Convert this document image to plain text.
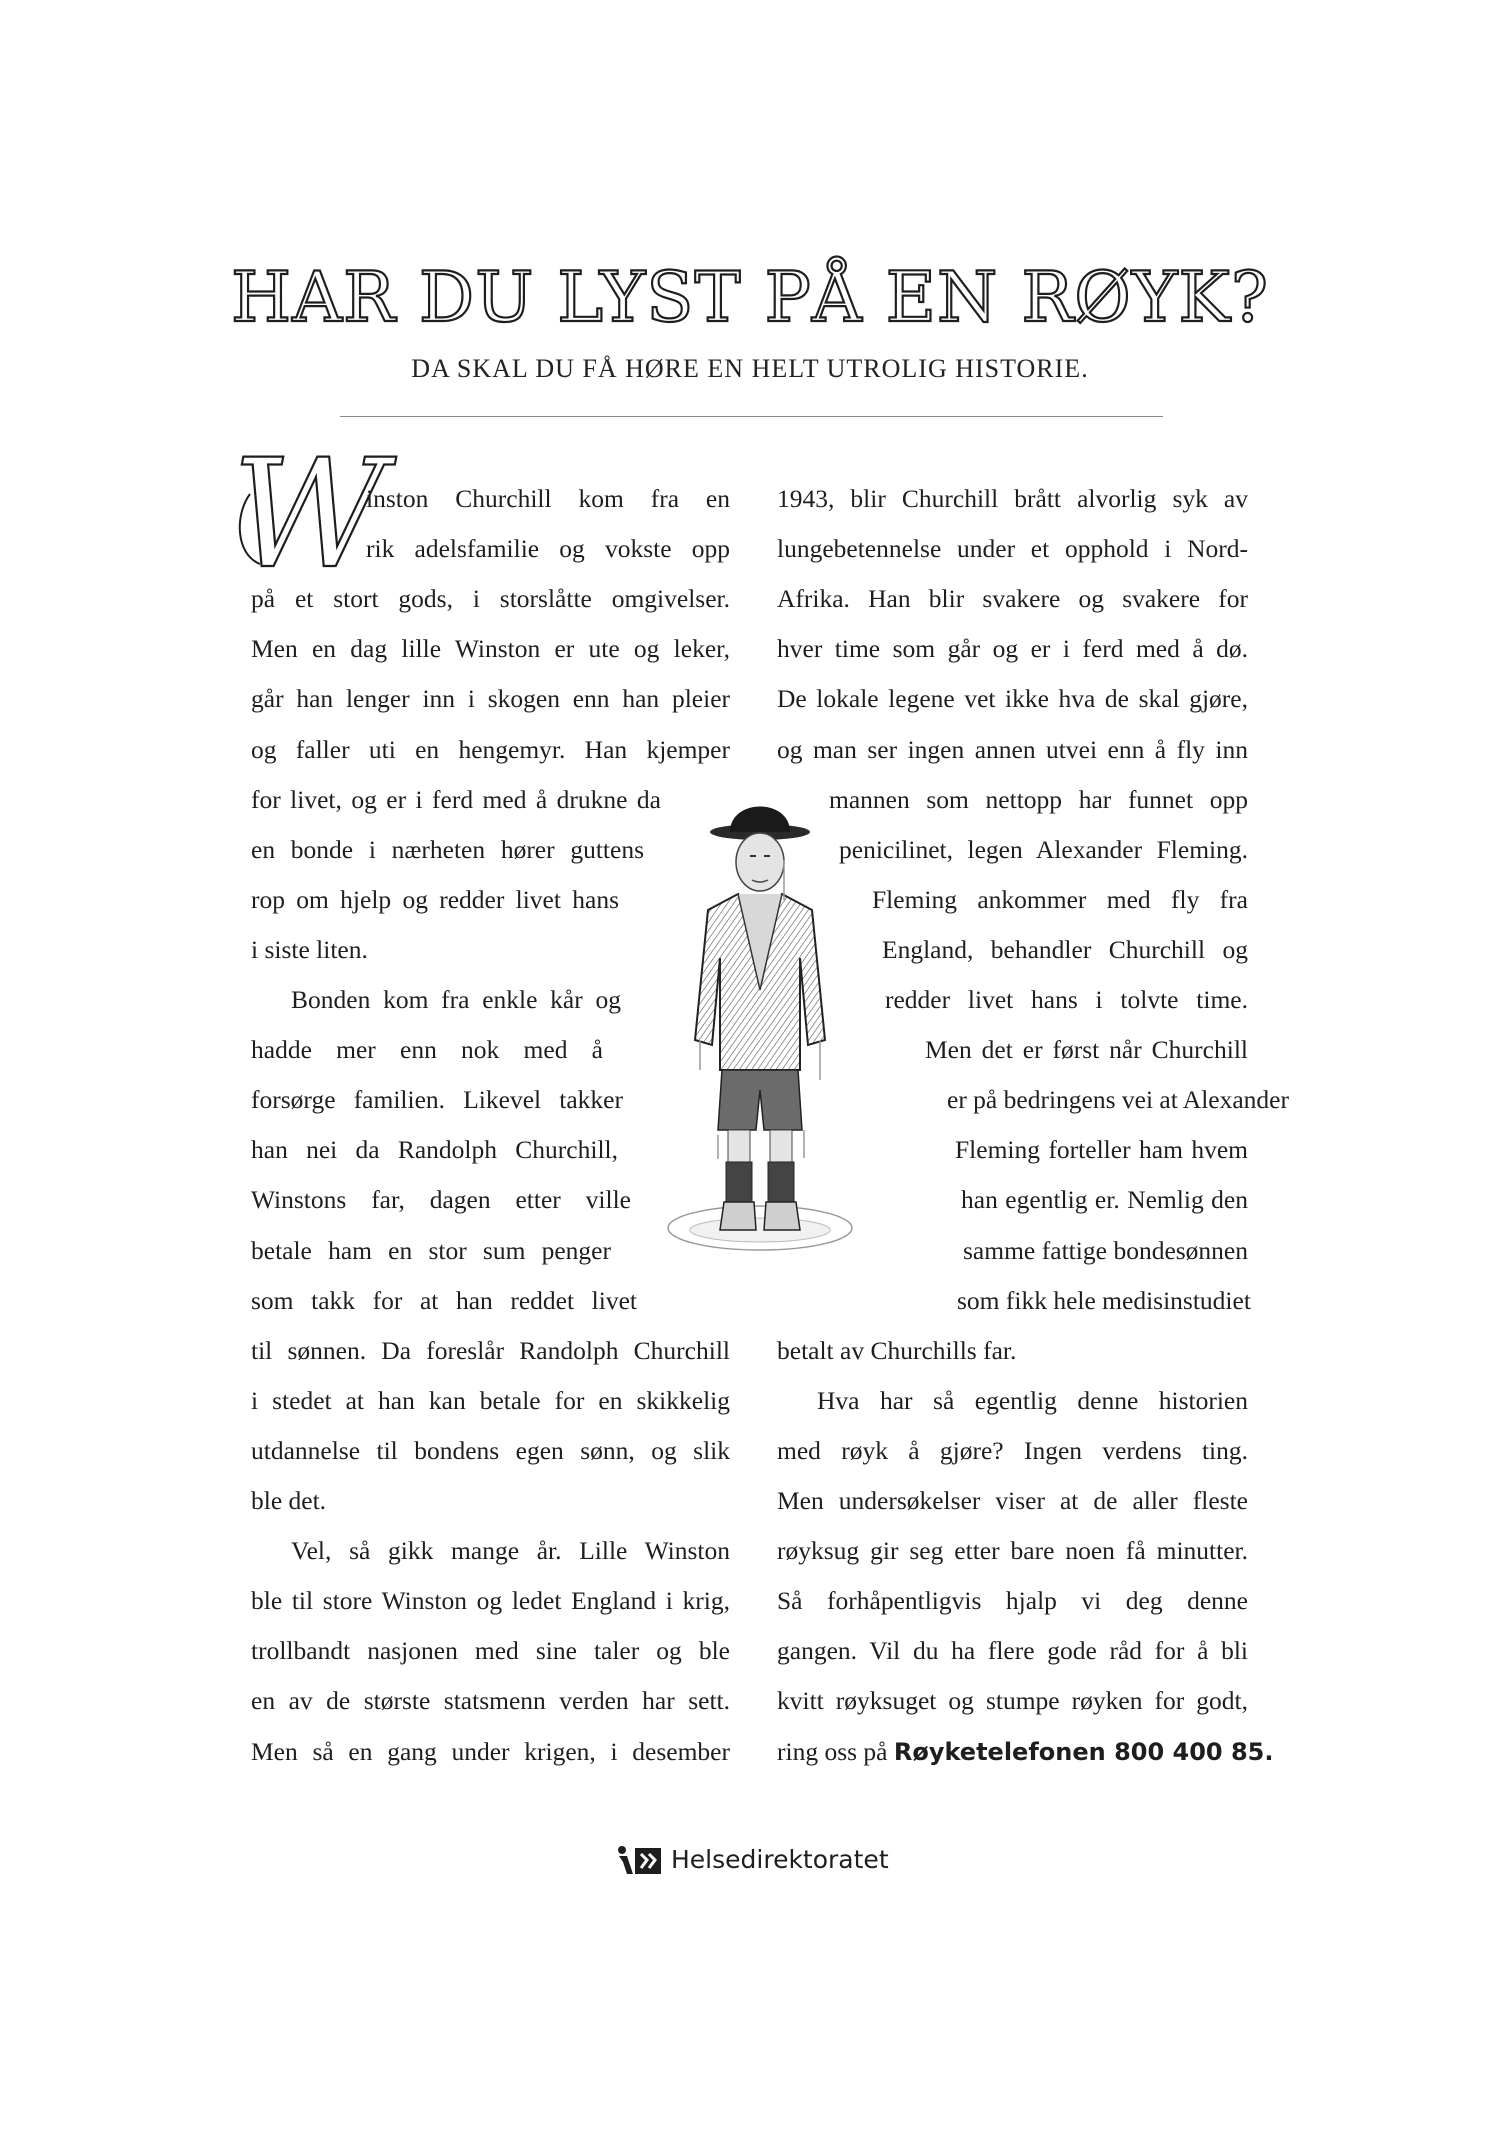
HAR DU LYST PÅ EN RØYK?
DA SKAL DU FÅ HØRE EN HELT UTROLIG HISTORIE.
W
inston Churchill kom fra en
rik adelsfamilie og vokste opp
på et stort gods, i storslåtte omgivelser.
Men en dag lille Winston er ute og leker,
går han lenger inn i skogen enn han pleier
og faller uti en hengemyr. Han kjemper
for livet, og er i ferd med å drukne da
en bonde i nærheten hører guttens
rop om hjelp og redder livet hans
i siste liten.
Bonden kom fra enkle kår og
hadde mer enn nok med å
forsørge familien. Likevel takker
han nei da Randolph Churchill,
Winstons far, dagen etter ville
betale ham en stor sum penger
som takk for at han reddet livet
til sønnen. Da foreslår Randolph Churchill
i stedet at han kan betale for en skikkelig
utdannelse til bondens egen sønn, og slik
ble det.
Vel, så gikk mange år. Lille Winston
ble til store Winston og ledet England i krig,
trollbandt nasjonen med sine taler og ble
en av de største statsmenn verden har sett.
Men så en gang under krigen, i desember
1943, blir Churchill brått alvorlig syk av
lungebetennelse under et opphold i Nord-
Afrika. Han blir svakere og svakere for
hver time som går og er i ferd med å dø.
De lokale legene vet ikke hva de skal gjøre,
og man ser ingen annen utvei enn å fly inn
mannen som nettopp har funnet opp
penicilinet, legen Alexander Fleming.
Fleming ankommer med fly fra
England, behandler Churchill og
redder livet hans i tolvte time.
Men det er først når Churchill
er på bedringens vei at Alexander
Fleming forteller ham hvem
han egentlig er. Nemlig den
samme fattige bondesønnen
som fikk hele medisinstudiet
betalt av Churchills far.
Hva har så egentlig denne historien
med røyk å gjøre? Ingen verdens ting.
Men undersøkelser viser at de aller fleste
røyksug gir seg etter bare noen få minutter.
Så forhåpentligvis hjalp vi deg denne
gangen. Vil du ha flere gode råd for å bli
kvitt røyksuget og stumpe røyken for godt,
ring oss på Røyketelefonen 800 400 85.
Helsedirektoratet
